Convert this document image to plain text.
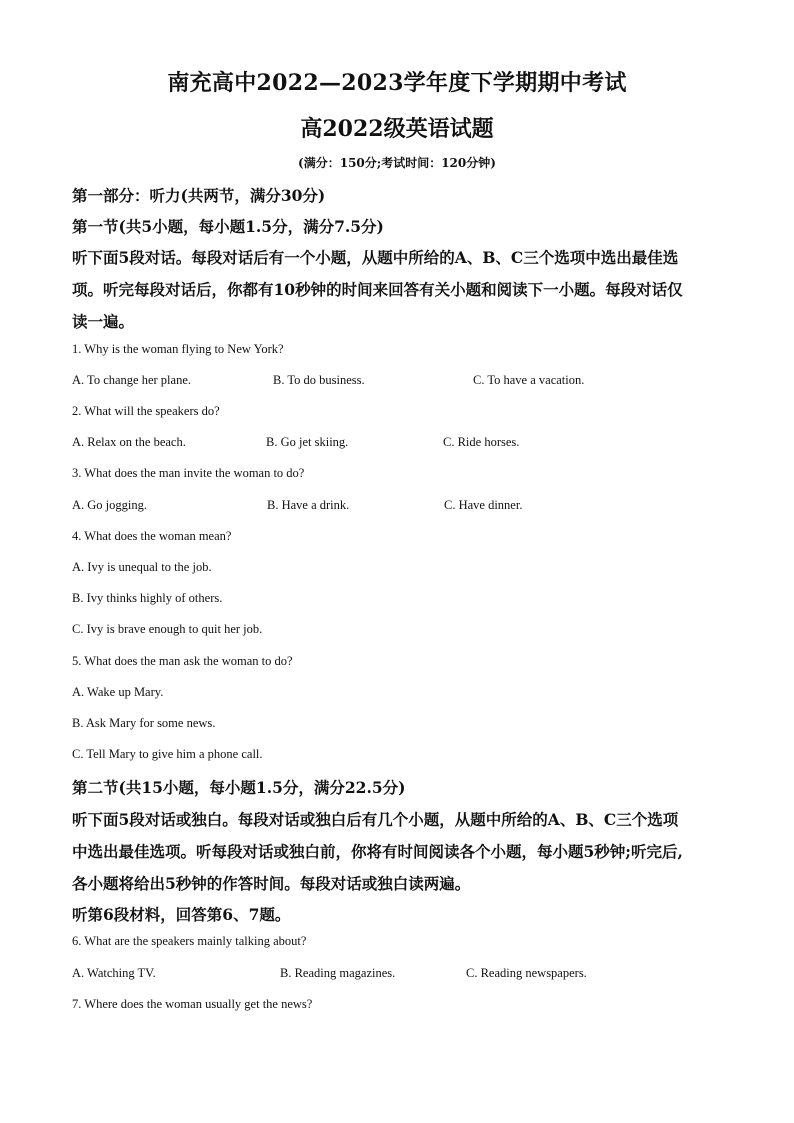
南充高中2022—2023学年度下学期期中考试
高2022级英语试题
(满分：150分;考试时间：120分钟)
第一部分：听力(共两节，满分30分)
第一节(共5小题，每小题1.5分，满分7.5分)
听下面5段对话。每段对话后有一个小题，从题中所给的A、B、C三个选项中选出最佳选
项。听完每段对话后，你都有10秒钟的时间来回答有关小题和阅读下一小题。每段对话仅
读一遍。
1. Why is the woman flying to New York?
A. To change her plane.	B. To do business.	C. To have a vacation.
2. What will the speakers do?
A. Relax on the beach.	B. Go jet skiing.	C. Ride horses.
3. What does the man invite the woman to do?
A. Go jogging.	B. Have a drink.	C. Have dinner.
4. What does the woman mean?
A. Ivy is unequal to the job.
B. Ivy thinks highly of others.
C. Ivy is brave enough to quit her job.
5. What does the man ask the woman to do?
A. Wake up Mary.
B. Ask Mary for some news.
C. Tell Mary to give him a phone call.
第二节(共15小题，每小题1.5分，满分22.5分)
听下面5段对话或独白。每段对话或独白后有几个小题，从题中所给的A、B、C三个选项
中选出最佳选项。听每段对话或独白前，你将有时间阅读各个小题，每小题5秒钟;听完后,
各小题将给出5秒钟的作答时间。每段对话或独白读两遍。
听第6段材料，回答第6、7题。
6. What are the speakers mainly talking about?
A. Watching TV.	B. Reading magazines.	C. Reading newspapers.
7. Where does the woman usually get the news?
